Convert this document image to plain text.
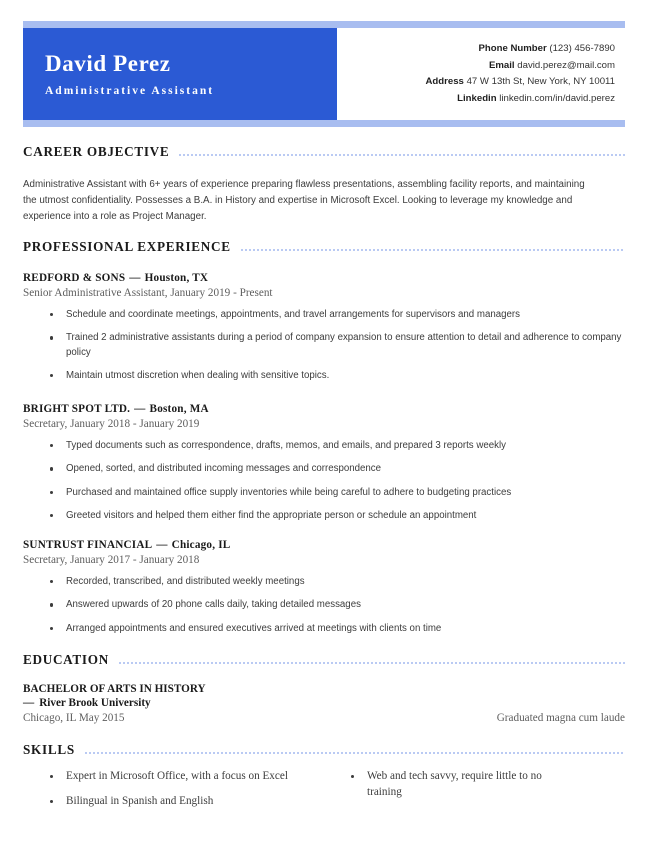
David Perez
Administrative Assistant
Phone Number (123) 456-7890
Email david.perez@mail.com
Address 47 W 13th St, New York, NY 10011
Linkedin linkedin.com/in/david.perez
CAREER OBJECTIVE
Administrative Assistant with 6+ years of experience preparing flawless presentations, assembling facility reports, and maintaining the utmost confidentiality. Possesses a B.A. in History and expertise in Microsoft Excel. Looking to leverage my knowledge and experience into a role as Project Manager.
PROFESSIONAL EXPERIENCE
REDFORD & SONS — Houston, TX
Senior Administrative Assistant, January 2019 - Present
Schedule and coordinate meetings, appointments, and travel arrangements for supervisors and managers
Trained 2 administrative assistants during a period of company expansion to ensure attention to detail and adherence to company policy
Maintain utmost discretion when dealing with sensitive topics.
BRIGHT SPOT LTD. — Boston, MA
Secretary, January 2018 - January 2019
Typed documents such as correspondence, drafts, memos, and emails, and prepared 3 reports weekly
Opened, sorted, and distributed incoming messages and correspondence
Purchased and maintained office supply inventories while being careful to adhere to budgeting practices
Greeted visitors and helped them either find the appropriate person or schedule an appointment
SUNTRUST FINANCIAL — Chicago, IL
Secretary, January 2017 - January 2018
Recorded, transcribed, and distributed weekly meetings
Answered upwards of 20 phone calls daily, taking detailed messages
Arranged appointments and ensured executives arrived at meetings with clients on time
EDUCATION
BACHELOR OF ARTS IN HISTORY
— River Brook University
Chicago, IL May 2015	Graduated magna cum laude
SKILLS
Expert in Microsoft Office, with a focus on Excel
Bilingual in Spanish and English
Web and tech savvy, require little to no training
